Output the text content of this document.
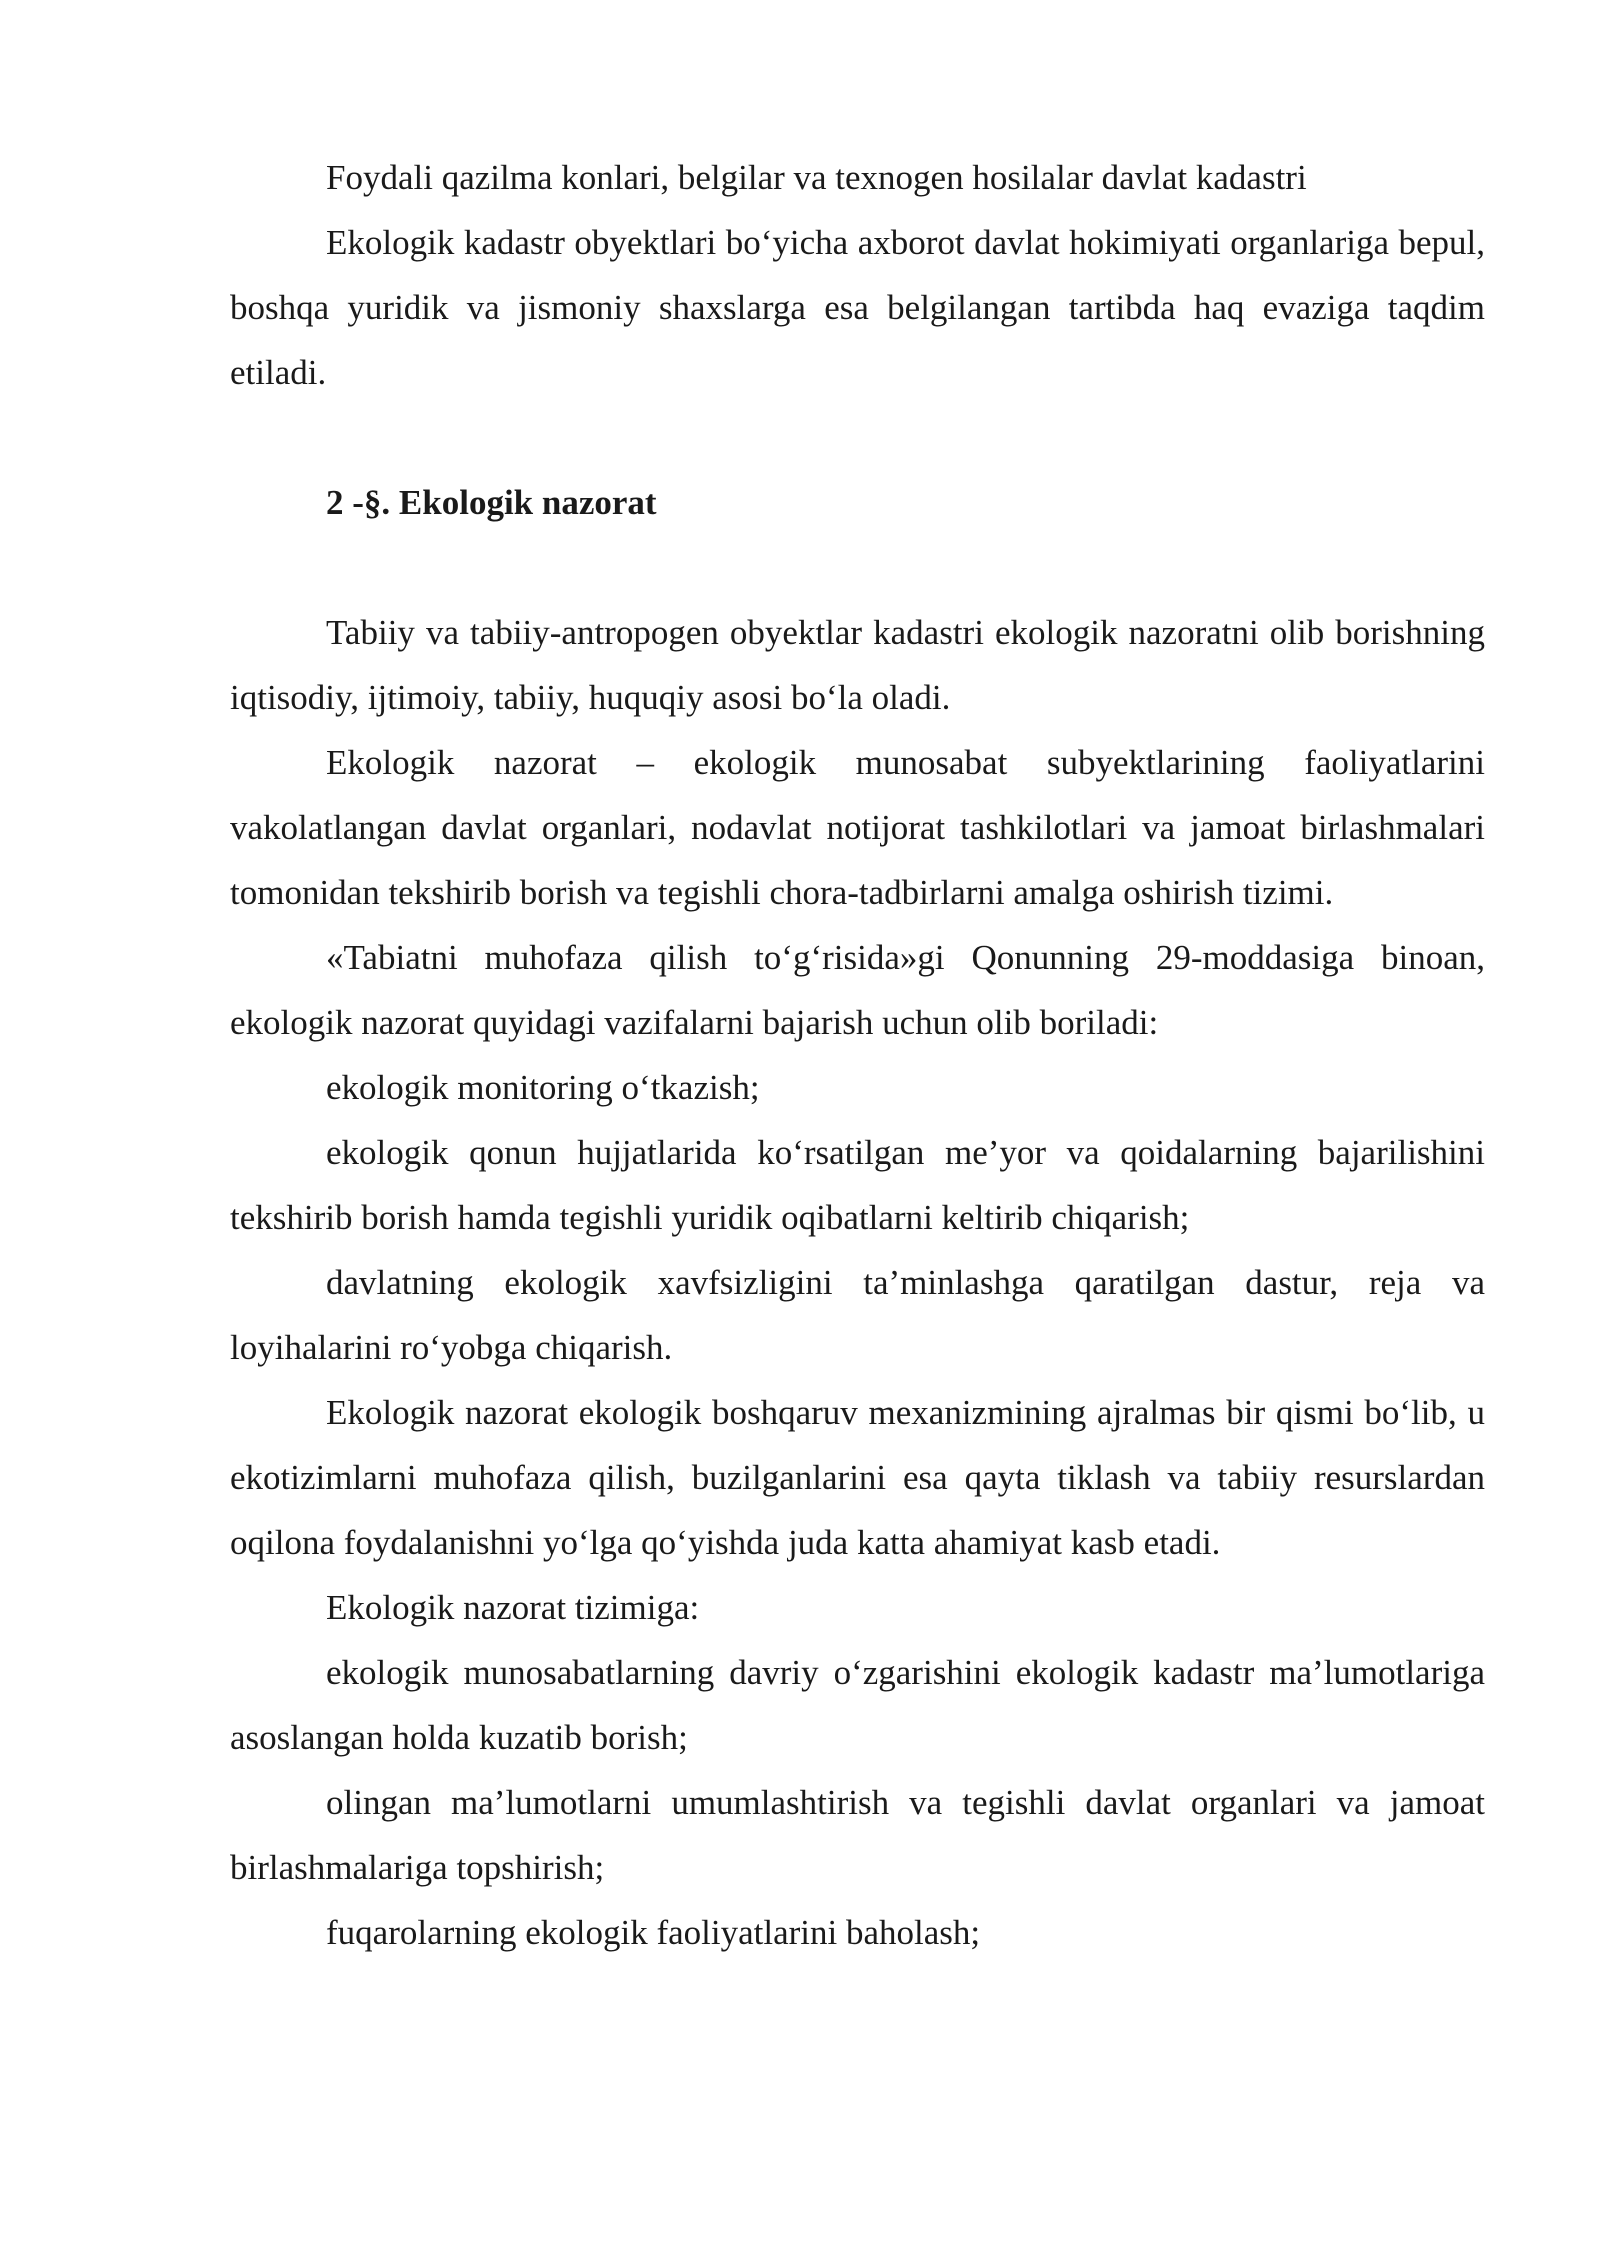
Foydali qazilma konlari, belgilar va texnogen hosilalar davlat kadastri

Ekologik kadastr obyektlari bo‘yicha axborot davlat hokimiyati organlariga bepul, boshqa yuridik va jismoniy shaxslarga esa belgilangan tartibda haq evaziga taqdim etiladi.

2 -§. Ekologik nazorat

Tabiiy va tabiiy-antropogen obyektlar kadastri ekologik nazoratni olib borishning iqtisodiy, ijtimoiy, tabiiy, huquqiy asosi bo‘la oladi.

Ekologik nazorat – ekologik munosabat subyektlarining faoliyatlarini vakolatlangan davlat organlari, nodavlat notijorat tashkilotlari va jamoat birlashmalari tomonidan tekshirib borish va tegishli chora-tadbirlarni amalga oshirish tizimi.

«Tabiatni muhofaza qilish to‘g‘risida»gi Qonunning 29-moddasiga binoan, ekologik nazorat quyidagi vazifalarni bajarish uchun olib boriladi:

ekologik monitoring o‘tkazish;

ekologik qonun hujjatlarida ko‘rsatilgan me’yor va qoidalarning bajarilishini tekshirib borish hamda tegishli yuridik oqibatlarni keltirib chiqarish;

davlatning ekologik xavfsizligini ta’minlashga qaratilgan dastur, reja va loyihalarini ro‘yobga chiqarish.

Ekologik nazorat ekologik boshqaruv mexanizmining ajralmas bir qismi bo‘lib, u ekotizimlarni muhofaza qilish, buzilganlarini esa qayta tiklash va tabiiy resurslardan oqilona foydalanishni yo‘lga qo‘yishda juda katta ahamiyat kasb etadi.

Ekologik nazorat tizimiga:

ekologik munosabatlarning davriy o‘zgarishini ekologik kadastr ma’lumotlariga asoslangan holda kuzatib borish;

olingan ma’lumotlarni umumlashtirish va tegishli davlat organlari va jamoat birlashmalariga topshirish;

fuqarolarning ekologik faoliyatlarini baholash;
